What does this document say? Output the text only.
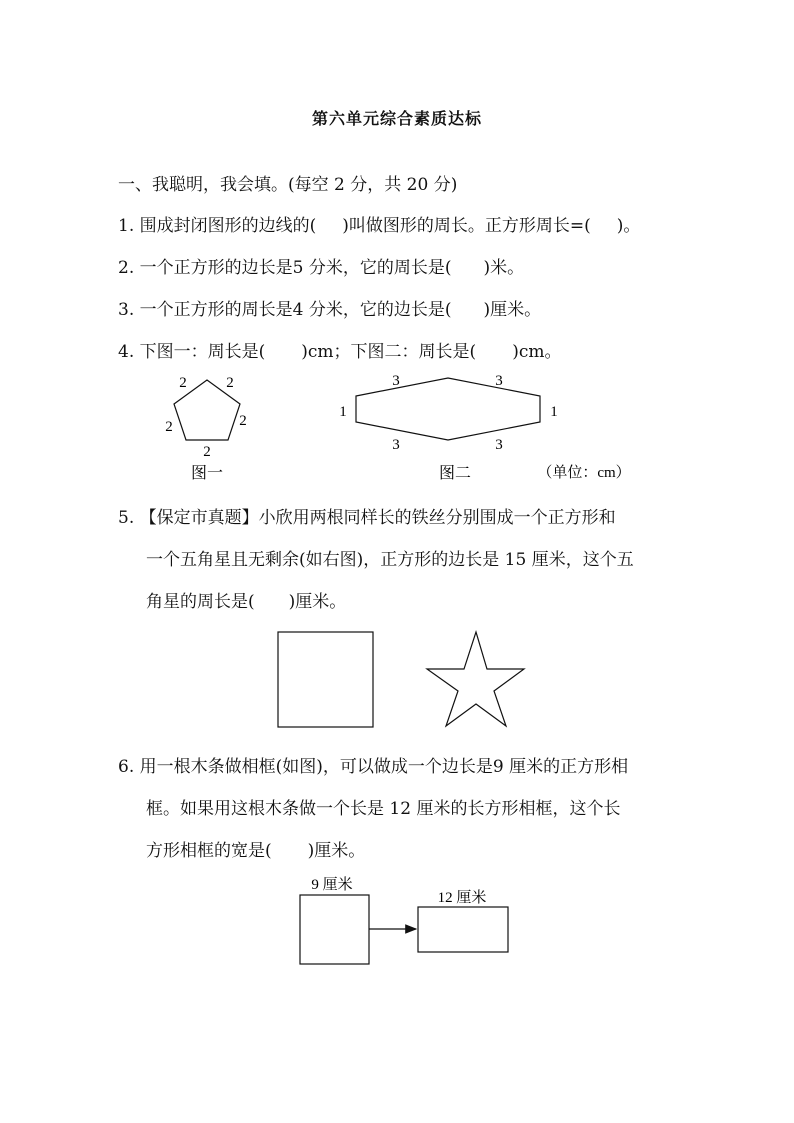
第六单元综合素质达标
一、我聪明，我会填。(每空 2 分，共 20 分)
1. 围成封闭图形的边线的( )叫做图形的周长。正方形周长=( )。
2. 一个正方形的边长是5 分米，它的周长是( )米。
3. 一个正方形的周长是4 分米，它的边长是( )厘米。
4. 下图一：周长是( )cm；下图二：周长是( )cm。
2	2
2	2
2
图一
3	3
1	1
3	3
图二	（单位：cm）
5. 【保定市真题】小欣用两根同样长的铁丝分别围成一个正方形和
一个五角星且无剩余(如右图)，正方形的边长是 15 厘米，这个五
角星的周长是( )厘米。
6. 用一根木条做相框(如图)，可以做成一个边长是9 厘米的正方形相
框。如果用这根木条做一个长是 12 厘米的长方形相框，这个长
方形相框的宽是( )厘米。
9 厘米
12 厘米
